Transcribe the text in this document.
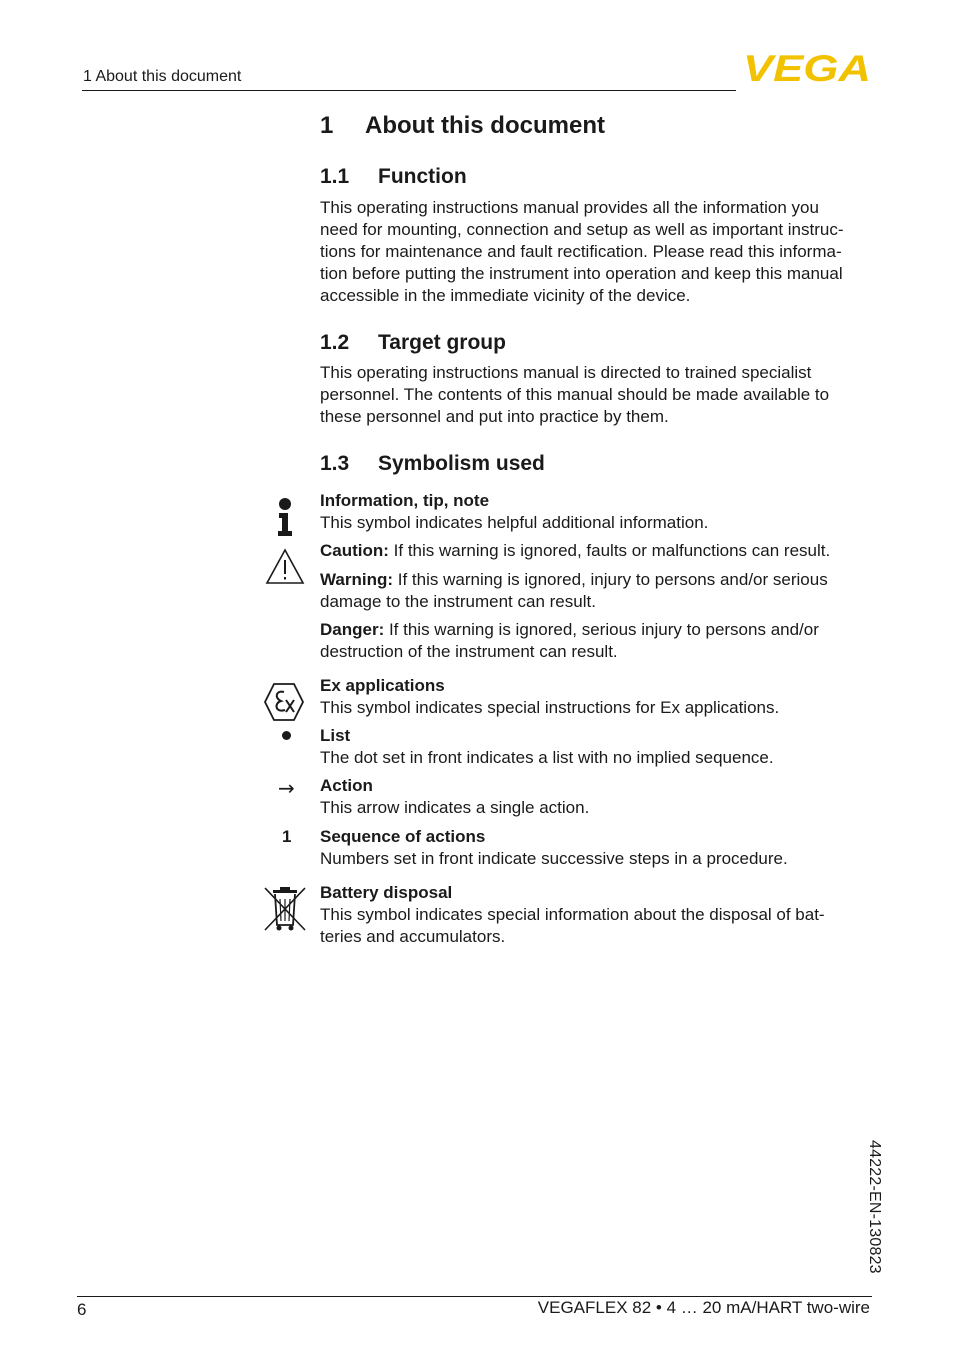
1 About this document	VEGA
1 About this document
1.1 Function
This operating instructions manual provides all the information you
need for mounting, connection and setup as well as important instruc-
tions for maintenance and fault rectification. Please read this informa-
tion before putting the instrument into operation and keep this manual
accessible in the immediate vicinity of the device.
1.2 Target group
This operating instructions manual is directed to trained specialist
personnel. The contents of this manual should be made available to
these personnel and put into practice by them.
1.3 Symbolism used
Information, tip, note
This symbol indicates helpful additional information.
Caution: If this warning is ignored, faults or malfunctions can result.
Warning: If this warning is ignored, injury to persons and/or serious
damage to the instrument can result.
Danger: If this warning is ignored, serious injury to persons and/or
destruction of the instrument can result.
Ex applications
This symbol indicates special instructions for Ex applications.
List
The dot set in front indicates a list with no implied sequence.
→ Action
This arrow indicates a single action.
1 Sequence of actions
Numbers set in front indicate successive steps in a procedure.
Battery disposal
This symbol indicates special information about the disposal of bat-
teries and accumulators.
44222-EN-130823
6	VEGAFLEX 82 • 4 … 20 mA/HART two-wire
